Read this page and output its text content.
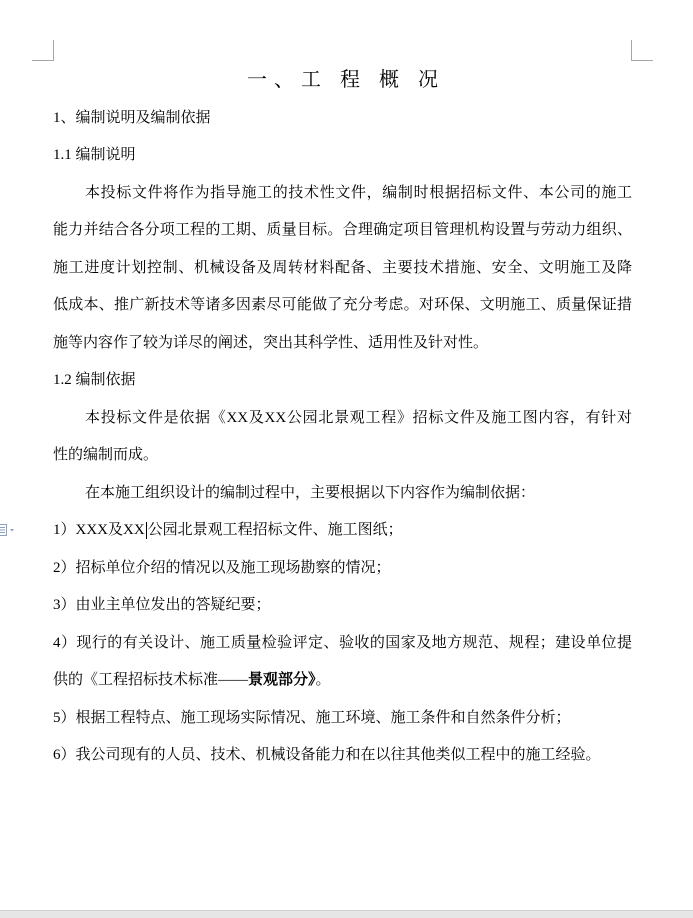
一、工 程 概 况
1、编制说明及编制依据
1.1 编制说明
本投标文件将作为指导施工的技术性文件，编制时根据招标文件、本公司的施工
能力并结合各分项工程的工期、质量目标。合理确定项目管理机构设置与劳动力组织、
施工进度计划控制、机械设备及周转材料配备、主要技术措施、安全、文明施工及降
低成本、推广新技术等诸多因素尽可能做了充分考虑。对环保、文明施工、质量保证措
施等内容作了较为详尽的阐述，突出其科学性、适用性及针对性。
1.2 编制依据
本投标文件是依据《XX及XX公园北景观工程》招标文件及施工图内容，有针对
性的编制而成。
在本施工组织设计的编制过程中，主要根据以下内容作为编制依据：
1）XXX及XX 公园北景观工程招标文件、施工图纸；
2）招标单位介绍的情况以及施工现场勘察的情况；
3）由业主单位发出的答疑纪要；
4）现行的有关设计、施工质量检验评定、验收的国家及地方规范、规程；建设单位提
供的《工程招标技术标准——景观部分》。
5）根据工程特点、施工现场实际情况、施工环境、施工条件和自然条件分析；
6）我公司现有的人员、技术、机械设备能力和在以往其他类似工程中的施工经验。
